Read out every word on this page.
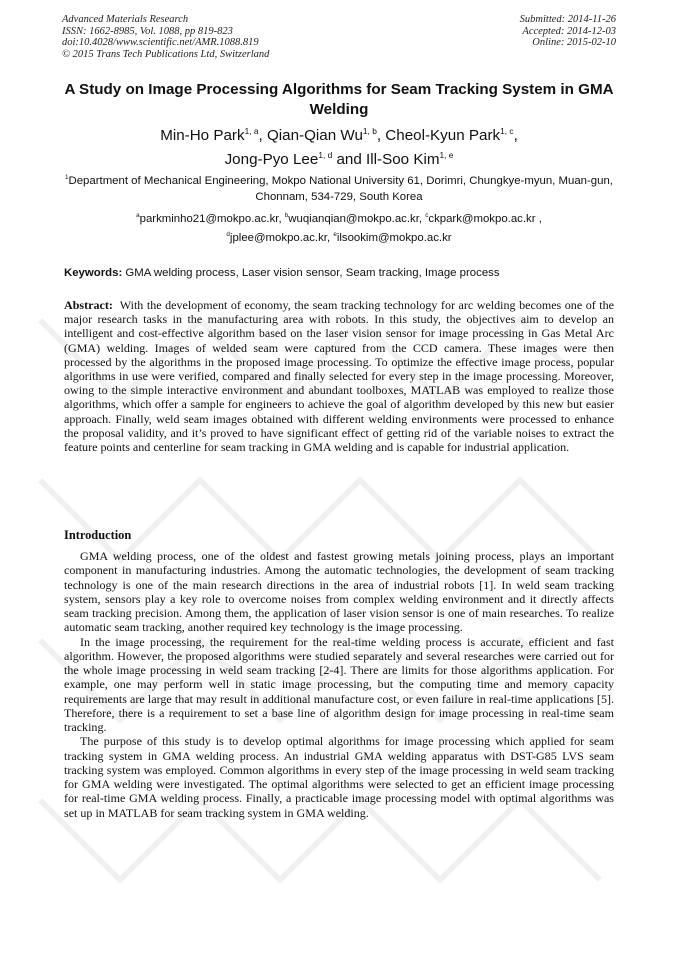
Advanced Materials Research
ISSN: 1662-8985, Vol. 1088, pp 819-823
doi:10.4028/www.scientific.net/AMR.1088.819
© 2015 Trans Tech Publications Ltd, Switzerland
Submitted: 2014-11-26
Accepted: 2014-12-03
Online: 2015-02-10
A Study on Image Processing Algorithms for Seam Tracking System in GMA Welding
Min-Ho Park$^{1, a}$, Qian-Qian Wu$^{1, b}$, Cheol-Kyun Park$^{1, c}$,
Jong-Pyo Lee$^{1, d}$ and Ill-Soo Kim$^{1, e}$
$^1$Department of Mechanical Engineering, Mokpo National University 61, Dorimri, Chungkye-myun, Muan-gun, Chonnam, 534-729, South Korea
$^a$parkminho21@mokpo.ac.kr, $^b$wuqianqian@mokpo.ac.kr, $^c$ckpark@mokpo.ac.kr ,
$^d$jplee@mokpo.ac.kr, $^e$ilsookim@mokpo.ac.kr
Keywords: GMA welding process, Laser vision sensor, Seam tracking, Image process

Abstract: With the development of economy, the seam tracking technology for arc welding becomes one of the major research tasks in the manufacturing area with robots. In this study, the objectives aim to develop an intelligent and cost-effective algorithm based on the laser vision sensor for image processing in Gas Metal Arc (GMA) welding. Images of welded seam were captured from the CCD camera. These images were then processed by the algorithms in the proposed image processing. To optimize the effective image process, popular algorithms in use were verified, compared and finally selected for every step in the image processing. Moreover, owing to the simple interactive environment and abundant toolboxes, MATLAB was employed to realize those algorithms, which offer a sample for engineers to achieve the goal of algorithm developed by this new but easier approach. Finally, weld seam images obtained with different welding environments were processed to enhance the proposal validity, and it’s proved to have significant effect of getting rid of the variable noises to extract the feature points and centerline for seam tracking in GMA welding and is capable for industrial application.

Introduction

GMA welding process, one of the oldest and fastest growing metals joining process, plays an important component in manufacturing industries. Among the automatic technologies, the development of seam tracking technology is one of the main research directions in the area of industrial robots [1]. In weld seam tracking system, sensors play a key role to overcome noises from complex welding environment and it directly affects seam tracking precision. Among them, the application of laser vision sensor is one of main researches. To realize automatic seam tracking, another required key technology is the image processing.

In the image processing, the requirement for the real-time welding process is accurate, efficient and fast algorithm. However, the proposed algorithms were studied separately and several researches were carried out for the whole image processing in weld seam tracking [2-4]. There are limits for those algorithms application. For example, one may perform well in static image processing, but the computing time and memory capacity requirements are large that may result in additional manufacture cost, or even failure in real-time applications [5]. Therefore, there is a requirement to set a base line of algorithm design for image processing in real-time seam tracking.

The purpose of this study is to develop optimal algorithms for image processing which applied for seam tracking system in GMA welding process. An industrial GMA welding apparatus with DST-G85 LVS seam tracking system was employed. Common algorithms in every step of the image processing in weld seam tracking for GMA welding were investigated. The optimal algorithms were selected to get an efficient image processing for real-time GMA welding process. Finally, a practicable image processing model with optimal algorithms was set up in MATLAB for seam tracking system in GMA welding.
